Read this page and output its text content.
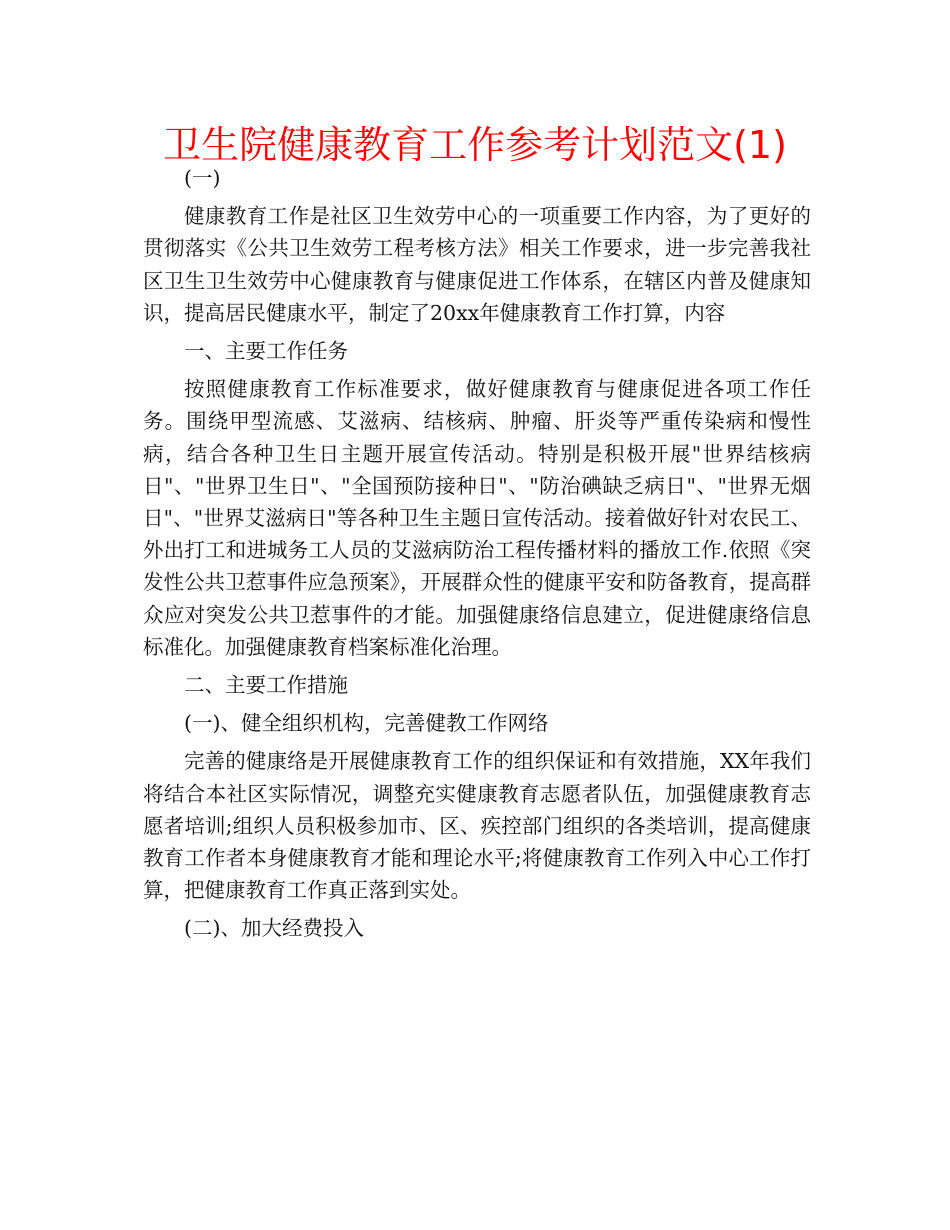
卫生院健康教育工作参考计划范文(1)

(一)

健康教育工作是社区卫生效劳中心的一项重要工作内容，为了更好的贯彻落实《公共卫生效劳工程考核方法》相关工作要求，进一步完善我社区卫生卫生效劳中心健康教育与健康促进工作体系，在辖区内普及健康知识，提高居民健康水平，制定了20xx年健康教育工作打算，内容

一、主要工作任务

按照健康教育工作标准要求，做好健康教育与健康促进各项工作任务。围绕甲型流感、艾滋病、结核病、肿瘤、肝炎等严重传染病和慢性病，结合各种卫生日主题开展宣传活动。特别是积极开展"世界结核病日"、"世界卫生日"、"全国预防接种日"、"防治碘缺乏病日"、"世界无烟日"、"世界艾滋病日"等各种卫生主题日宣传活动。接着做好针对农民工、外出打工和进城务工人员的艾滋病防治工程传播材料的播放工作.依照《突发性公共卫惹事件应急预案》，开展群众性的健康平安和防备教育，提高群众应对突发公共卫惹事件的才能。加强健康络信息建立，促进健康络信息标准化。加强健康教育档案标准化治理。

二、主要工作措施

(一)、健全组织机构，完善健教工作网络

完善的健康络是开展健康教育工作的组织保证和有效措施，XX年我们将结合本社区实际情况，调整充实健康教育志愿者队伍，加强健康教育志愿者培训;组织人员积极参加市、区、疾控部门组织的各类培训，提高健康教育工作者本身健康教育才能和理论水平;将健康教育工作列入中心工作打算，把健康教育工作真正落到实处。

(二)、加大经费投入
